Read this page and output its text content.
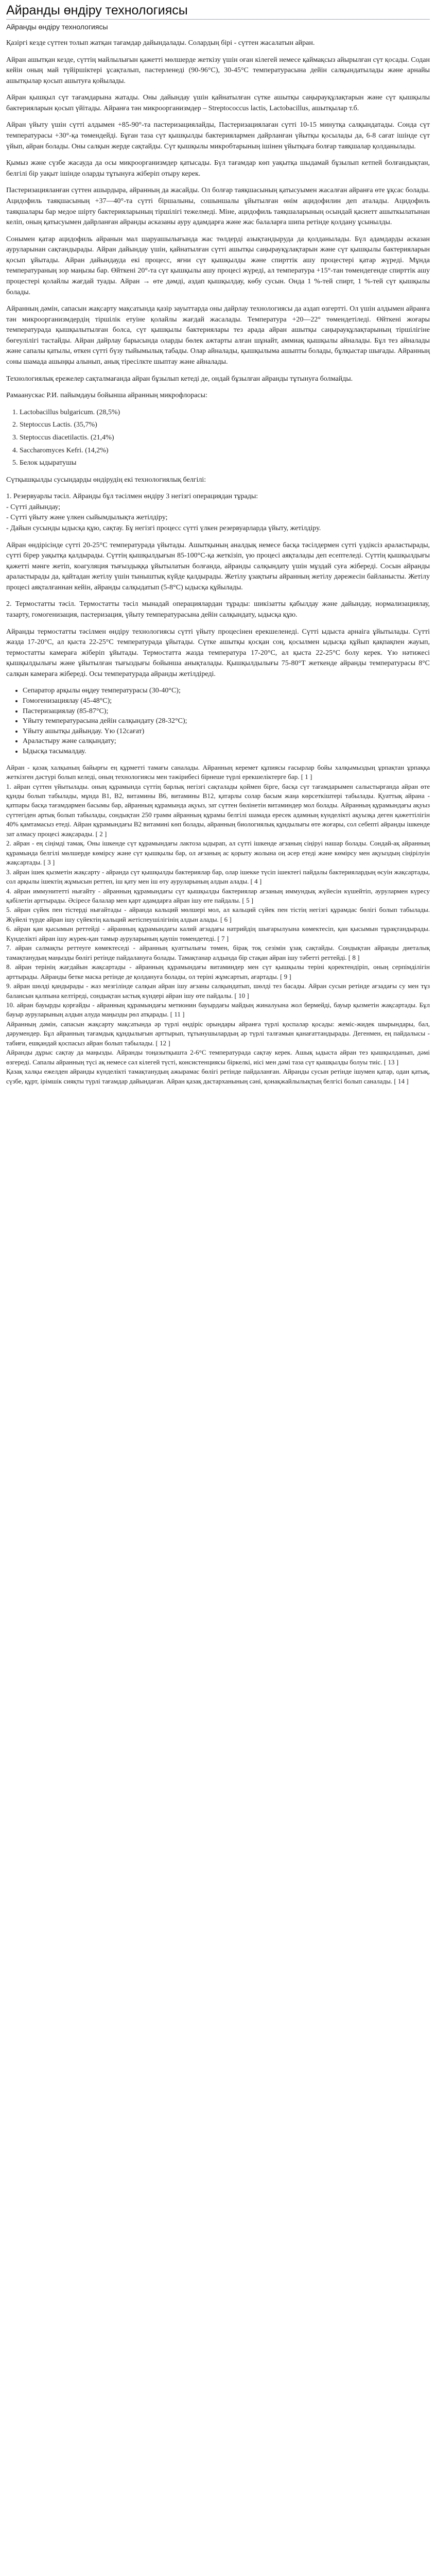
Айранды өндіру технологиясы
Айранды өндіру технологиясы

Қазіргі кезде сүттен толып жатқан тағамдар дайындалады. Солардың бірі - сүттен жасалатын айран.

Айран ашытқан кезде, сүттің майлылығын қажетті мөлшерде жеткізу үшін оған кілегей немесе қаймақсыз айырылған сүт қосады. Содан кейін оның май түйіршіктері ұсақталып, пастерленеді (90-96°С), 30-45°С температурасына дейін салқындатылады және арнайы ашытқылар қосып ашытуға қойылады.

Айран қышқыл сүт тағамдарына жатады. Оны дайындау үшін қайнатылған сүтке ашытқы саңырауқұлақтарын және сүт қышқылы бактерияларын қосып үйітады. Айранға тән микроорганизмдер – Streptococcus lactis, Lactobacillus, ашытқылар т.б.

Айран үйыту үшін сүтті алдымен +85-90°-та пастеризациялайды, Пастеризациялаған сүтті 10-15 минутқа салқындатады. Сонда сүт температурасы +30°-қа төмендейді. Бұған таза сүт қышқылды бактериялармен дайрланған үйытқы қосылады да, 6-8 сағат ішінде сүт үйып, айран болады. Оны салқын жерде сақтайды. Сүт қышқылы микробтарының ішінен үйытқыға болғар таяқшалар қолданылады.

Қымыз және сүзбе жасауда да осы микроорганизмдер қатысады. Бүл тағамдар көп уақытқа шыдамай бұзылып кетпей болғандықтан, белгілі бір уақыт ішінде оларды тұтынуға жіберіп отыру керек.

Пастеризацияланған сүттен ашырдыра, айранның да жасайды. Ол болғар таяқшасының қатысуымен жасалған айранға өте ұқсас болады. Ацидофиль таяқшасының +37—40°-та сүтті біршалыны, сошыншалы ұйытылған өнім ацидофилин деп аталады. Ацидофиль таяқшалары бар медое шірту бактерияларының тіршілігі тежелмеді. Міне, ацидофиль таяқшаларының осындай қасиетт ашыткылатынан келіп, оның қатысуымен дайрланған айранды асказаны ауру адамдарға және жас балаларға шипа ретінде қолдану ұсынылды.

Сонымен қатар ацидофиль айранын мал шаруашылығында жас төлдерді азықтандыруда да қолданылады. Бүл адамдарды асказан ауруларынан сақтандырады. Айран дайындау үшін, қайнатылған сүтті ашытқы саңырауқұлақтарын және сүт қышқылы бактерияларын қосып ұйытады. Айран дайындауда екі процесс, яғни сүт қышқылды және спирттік ашу процестері қатар жүреді. Мұнда температураның зор маңызы бар. Өйткені 20°-та сүт қышқылы ашу процесі жүреді, ал температура +15°-тан төмендегенде спирттік ашу процестері қолайлы жағдай туады. Айран → өте дәмді, аздап қышқылдау, көбу сусын. Онда 1 %-тей спирт, 1 %-тей сүт қышқылы болады.

Айранның дәмін, сапасын жақсарту мақсатында қазір зауыттарда оны дайрлау технологиясы да аздап өзгертті. Ол үшін алдымен айранға тән микроорганизмдердің тіршілік етуіне қолайлы жағдай жасалады. Температура +20—22° төмендетіледі. Өйткені жоғары температурада қышқылытылған болса, сүт қышқылы бактериялары тез арада айран ашытқы саңырауқұлақтарының тіршілігіне бөгеулілігі тастайды. Айран дайрлау барысында оларды бөлек ажтарты алған шұнайт, аммиақ қышқылы айналады. Бұл тез айналады және сапалы қатылы, өткен сүтті бүзу тыйымылық табады. Олар айналады, қышқылыма ашыпты болады, бұлқыстар шығады. Айранның соны шамада ашыңқы алынып, анық тіресілкте шыптау және айналады.

Технологиялық ережелер сақталмағанда айран бұзылып кетеді де, ондай бұзылған айранды тұтынуға болмайды.

Рамаанускас Р.И. пайымдауы бойынша айранның микрофлорасы:

1. Lactobacillus bulgaricum. (28,5%)
2. Steptoccus Lactis. (35,7%)
3. Steptoccus diacetilactis. (21,4%)
4. Saccharomyces Kefri. (14,2%)
5. Белок ыдыратушы

Сүтқышқылды сусындарды өндірудің екі технологиялық белгілі:

1. Резервуарлы тәсіл. Айранды бұл тәсілмен өндіру 3 негізгі операциядан тұрады:
- Сүтті дайындау;
- Сүтті үйыту және үлкен сыйымдылықта жетілдіру;
- Дайын сусынды ыдысқа құю, сақтау. Бұ негізгі процесс сүтті үлкен резервуарларда үйыту, жетілдіру.

Айран өндірісінде сүтті 20-25°С температурада үйытады. Ашытқының аналдық немесе басқа тәсілдермен сүтті үздіксіз араластырады, сүтті бірер уақытқа қалдырады. Сүттің қышқылдығын 85-100°С-қа жеткізіп, үю процесі аяқталады деп есептеледі. Сүттің қышқылдығы қажетті мәнге жетіп, коагуляция тығыздыққа ұйытылатын болғанда, айранды салқындату үшін мұздай суға жібереді. Сосын айранды араластырады да, қайтадан жетілу үшін тыныштық күйде қалдырады. Жетілу ұзақтығы айранның жетілу дәрежесін байланысты. Жетілу процесі аяқталғаннан кейін, айранды салқыдатып (5-8°С) ыдысқа құйылады.

2. Термостатты тәсіл. Термостатты тәсіл мынадай операциялардан тұрады: шикізатты қабылдау және дайындау, нормализациялау, тазарту, гомогенизация, пастеризация, үйыту температурасына дейін салқындату, ыдысқа құю.

Айранды термостатты тәсілмен өндіру технологиясы сүтті үйыту процесінен ерекшеленеді. Сүтті ыдыста арнаіга ұйытылады. Сүтті жазда 17-20°С, ал қыста 22-25°С температурада ұйытады. Сүтке ашытқы қосқан соң, қосылмен ыдысқа құйып қақпақпен жауып, термостатты камераға жіберіп ұйытады. Термостатта жазда температура 17-20°С, ал қыста 22-25°С болу керек. Үю нәтижесі қышқылдылығы және ұйытылған тығыздығы бойынша анықталады. Қышқылдылығы 75-80°Т жеткенде айранды температурасы 8°С салқын камераға жібереді. Осы температурада айранды жетілдіреді.

• Сепаратор арқылы өңдеу температурасы (30-40°С);
• Гомогенизациялау (45-48°С);
• Пастеризациялау (85-87°С);
• Үйыту температурасына дейін салқындату (28-32°С);
• Үйыту ашытқы дайындау. Үю (12сағат)
• Араластыру және салқындату;
• Ыдысқа тасымалдау.

Айран - қазақ халқының байырғы ең құрметті тамағы саналады. Айранның керемет құпиясы ғасырлар бойы халқымыздың ұрпақтан ұрпаққа жеткізген дәстүрі болып келеді, оның технологиясы мен тәжірибесі бірнеше түрлі ерекшеліктерге бар. [ 1 ]

1. айран сүттен үйытылады. оның құрамында сүттің барлық негізгі сақталады қоймен бірге, басқа сүт тағамдарымен салыстырғанда айран өте құнды болып табылады, мұнда В1, В2, витамины В6, витамины В12, қатарлы солар басым жаңа көрсеткіштері табылады. Қуаттық айрана - қатпары басқа тағамдармен басымы бар, айранның құрамында ақуыз, зат сүттен бөлінетін витаминдер мол болады. Айранның құрамындағы ақуыз сүттегіден артық болып табылады, сондықтан 250 грамм айранның құрамы белгілі шамада ересек адамның күнделікті ақуызқа деген қажеттілігін 40% қамтамасыз етеді. Айран құрамындағы В2 витамині көп болады, айранның биологиялық құндылығы өте жоғары, сол себепті айранды ішкенде зат алмасу процесі жақсарады. [ 2 ]

2. айран - ең сіңімді тамақ. Оны ішкенде сүт құрамындағы лактоза ыдырап, ал сүтті ішкенде ағзаның сіңіруі нашар болады. Сондай-ақ айранның құрамында белгілі мөлшерде көмірсу және сүт қышқылы бар, ол ағзаның ас қорыту жолына оң әсер етеді және көмірсу мен ақуыздың сіңірілуін жақсартады. [ 3 ]

3. айран ішек қызметін жақсарту - айранда сүт қышқылды бактериялар бар, олар ішекке түсіп ішектегі пайдалы бактериялардың өсуін жақсартады, сол арқылы ішектің жұмысын реттеп, іш қату мен іш өту ауруларының алдын алады. [ 4 ]

4. айран иммунитетті нығайту - айранның құрамындағы сүт қышқылды бактериялар ағзаның иммундық жүйесін күшейтіп, аурулармен күресу қабілетін арттырады. Әсіресе балалар мен қарт адамдарға айран ішу өте пайдалы. [ 5 ]

5. айран сүйек пен тістерді нығайтады - айранда кальций мөлшері мол, ал кальций сүйек пен тістің негізгі құрамдас бөлігі болып табылады. Жүйелі түрде айран ішу сүйектің кальций жетіспеушілігінің алдын алады. [ 6 ]

6. айран қан қысымын реттейді - айранның құрамындағы калий ағзадағы натрийдің шығарылуына көмектесіп, қан қысымын тұрақтандырады. Күнделікті айран ішу жүрек-қан тамыр ауруларының қаупін төмендетеді. [ 7 ]

7. айран салмақты реттеуге көмектеседі - айранның қуаттылығы төмен, бірақ тоқ сезімін ұзақ сақтайды. Сондықтан айранды диеталық тамақтанудың маңызды бөлігі ретінде пайдалануға болады. Тамақтанар алдында бір стақан айран ішу тәбетті реттейді. [ 8 ]

8. айран терінің жағдайын жақсартады - айранның құрамындағы витаминдер мен сүт қышқылы теріні қоректендіріп, оның серпімділігін арттырады. Айранды бетке маска ретінде де қолдануға болады, ол теріні жұмсартып, ағартады. [ 9 ]

9. айран шөлді қандырады - жаз мезгілінде салқын айран ішу ағзаны салқындатып, шөлді тез басады. Айран сусын ретінде ағзадағы су мен тұз балансын қалпына келтіреді, сондықтан ыстық күндері айран ішу өте пайдалы. [ 10 ]

10. айран бауырды қорғайды - айранның құрамындағы метионин бауырдағы майдың жиналуына жол бермейді, бауыр қызметін жақсартады. Бұл бауыр ауруларының алдын алуда маңызды рөл атқарады. [ 11 ]

Айранның дәмін, сапасын жақсарту мақсатында әр түрлі өндіріс орындары айранға түрлі қоспалар қосады: жеміс-жидек шырындары, бал, дәрумендер. Бұл айранның тағамдық құндылығын арттырып, тұтынушылардың әр түрлі талғамын қанағаттандырады. Дегенмен, ең пайдалысы - табиғи, ешқандай қоспасыз айран болып табылады. [ 12 ]

Айранды дұрыс сақтау да маңызды. Айранды тоңазытқышта 2-6°С температурада сақтау керек. Ашық ыдыста айран тез қышқылданып, дәмі өзгереді. Сапалы айранның түсі ақ немесе сәл кілегей түсті, консистенциясы біркелкі, иісі мен дәмі таза сүт қышқылды болуы тиіс. [ 13 ]

Қазақ халқы ежелден айранды күнделікті тамақтанудың ажырамас бөлігі ретінде пайдаланған. Айранды сусын ретінде ішумен қатар, одан қатық, сүзбе, құрт, ірімшік сияқты түрлі тағамдар дайындаған. Айран қазақ дастарханының сәні, қонақжайлылықтың белгісі болып саналады. [ 14 ]
